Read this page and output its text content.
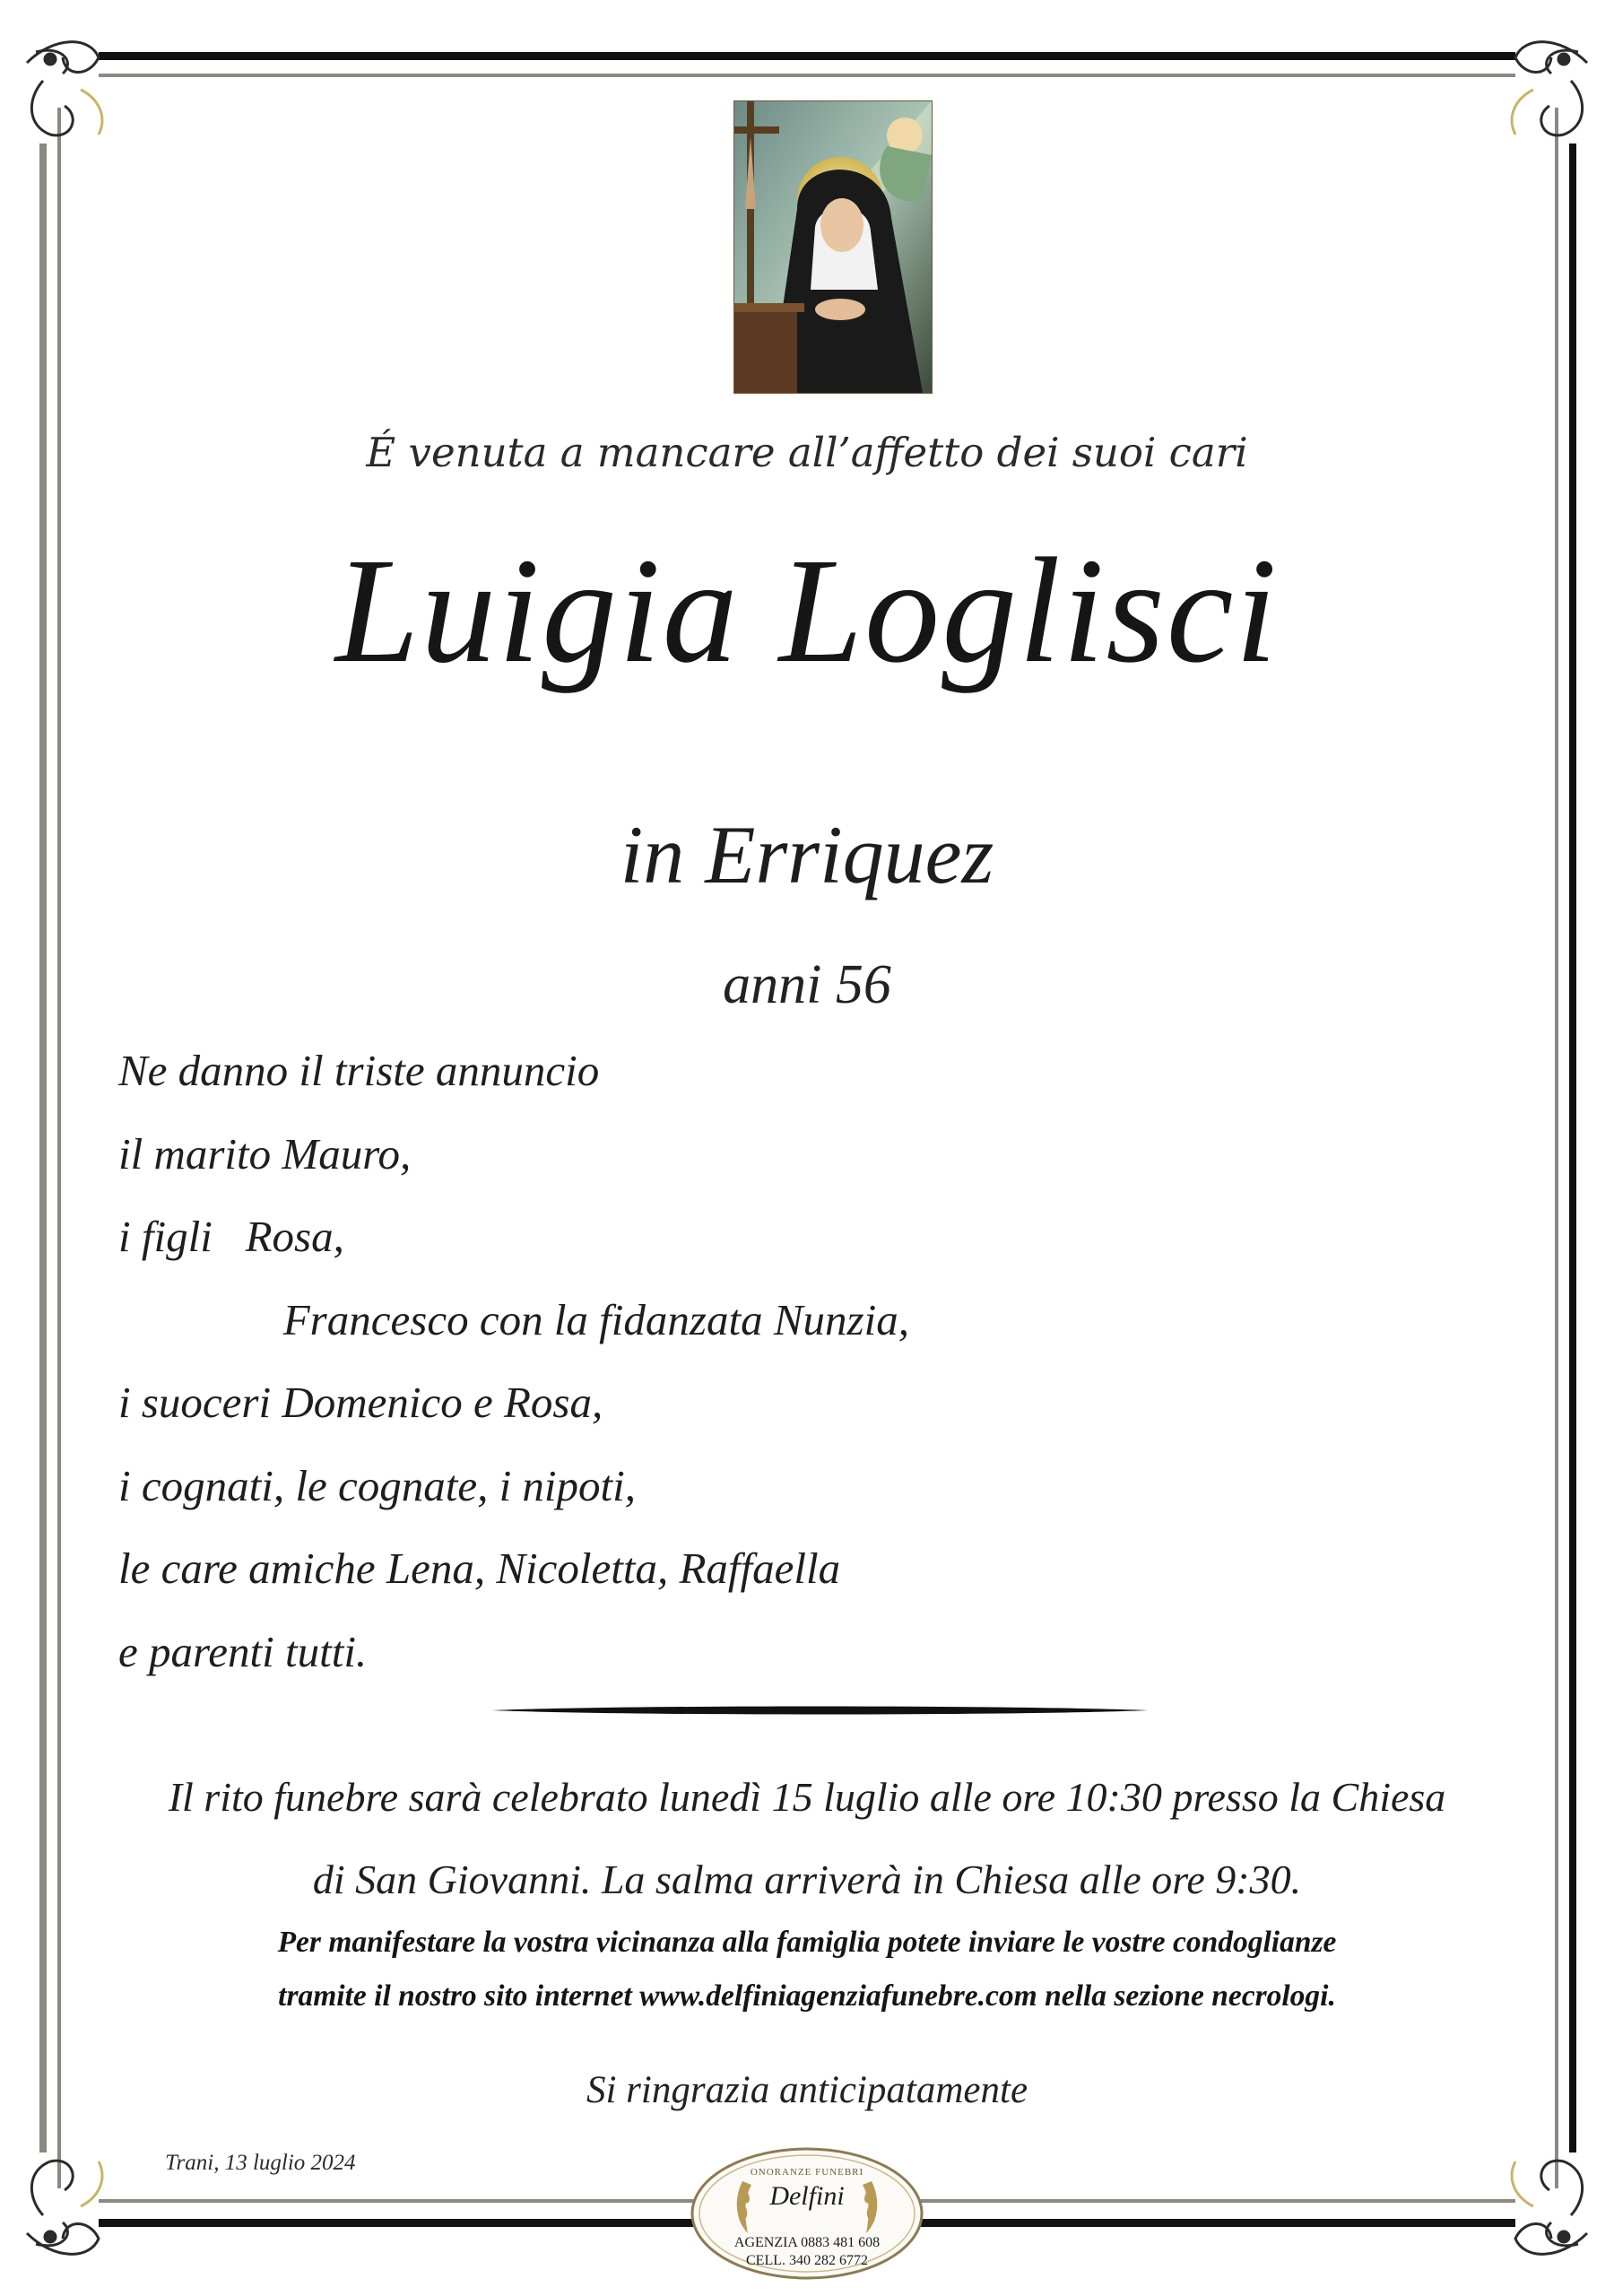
É venuta a mancare all’affetto dei suoi cari
Luigia Loglisci
in Erriquez
anni 56
Ne danno il triste annuncio
il marito Mauro,
i figli   Rosa,
Francesco con la fidanzata Nunzia,
i suoceri Domenico e Rosa,
i cognati, le cognate, i nipoti,
le care amiche Lena, Nicoletta, Raffaella
e parenti tutti.
Il rito funebre sarà celebrato lunedì 15 luglio alle ore 10:30 presso la Chiesa
di San Giovanni. La salma arriverà in Chiesa alle ore 9:30.
Per manifestare la vostra vicinanza alla famiglia potete inviare le vostre condoglianze
tramite il nostro sito internet www.delfiniagenziafunebre.com nella sezione necrologi.
Si ringrazia anticipatamente
Trani, 13 luglio 2024	ONORANZE FUNEBRI
Delfini
AGENZIA 0883 481 608
CELL. 340 282 6772
